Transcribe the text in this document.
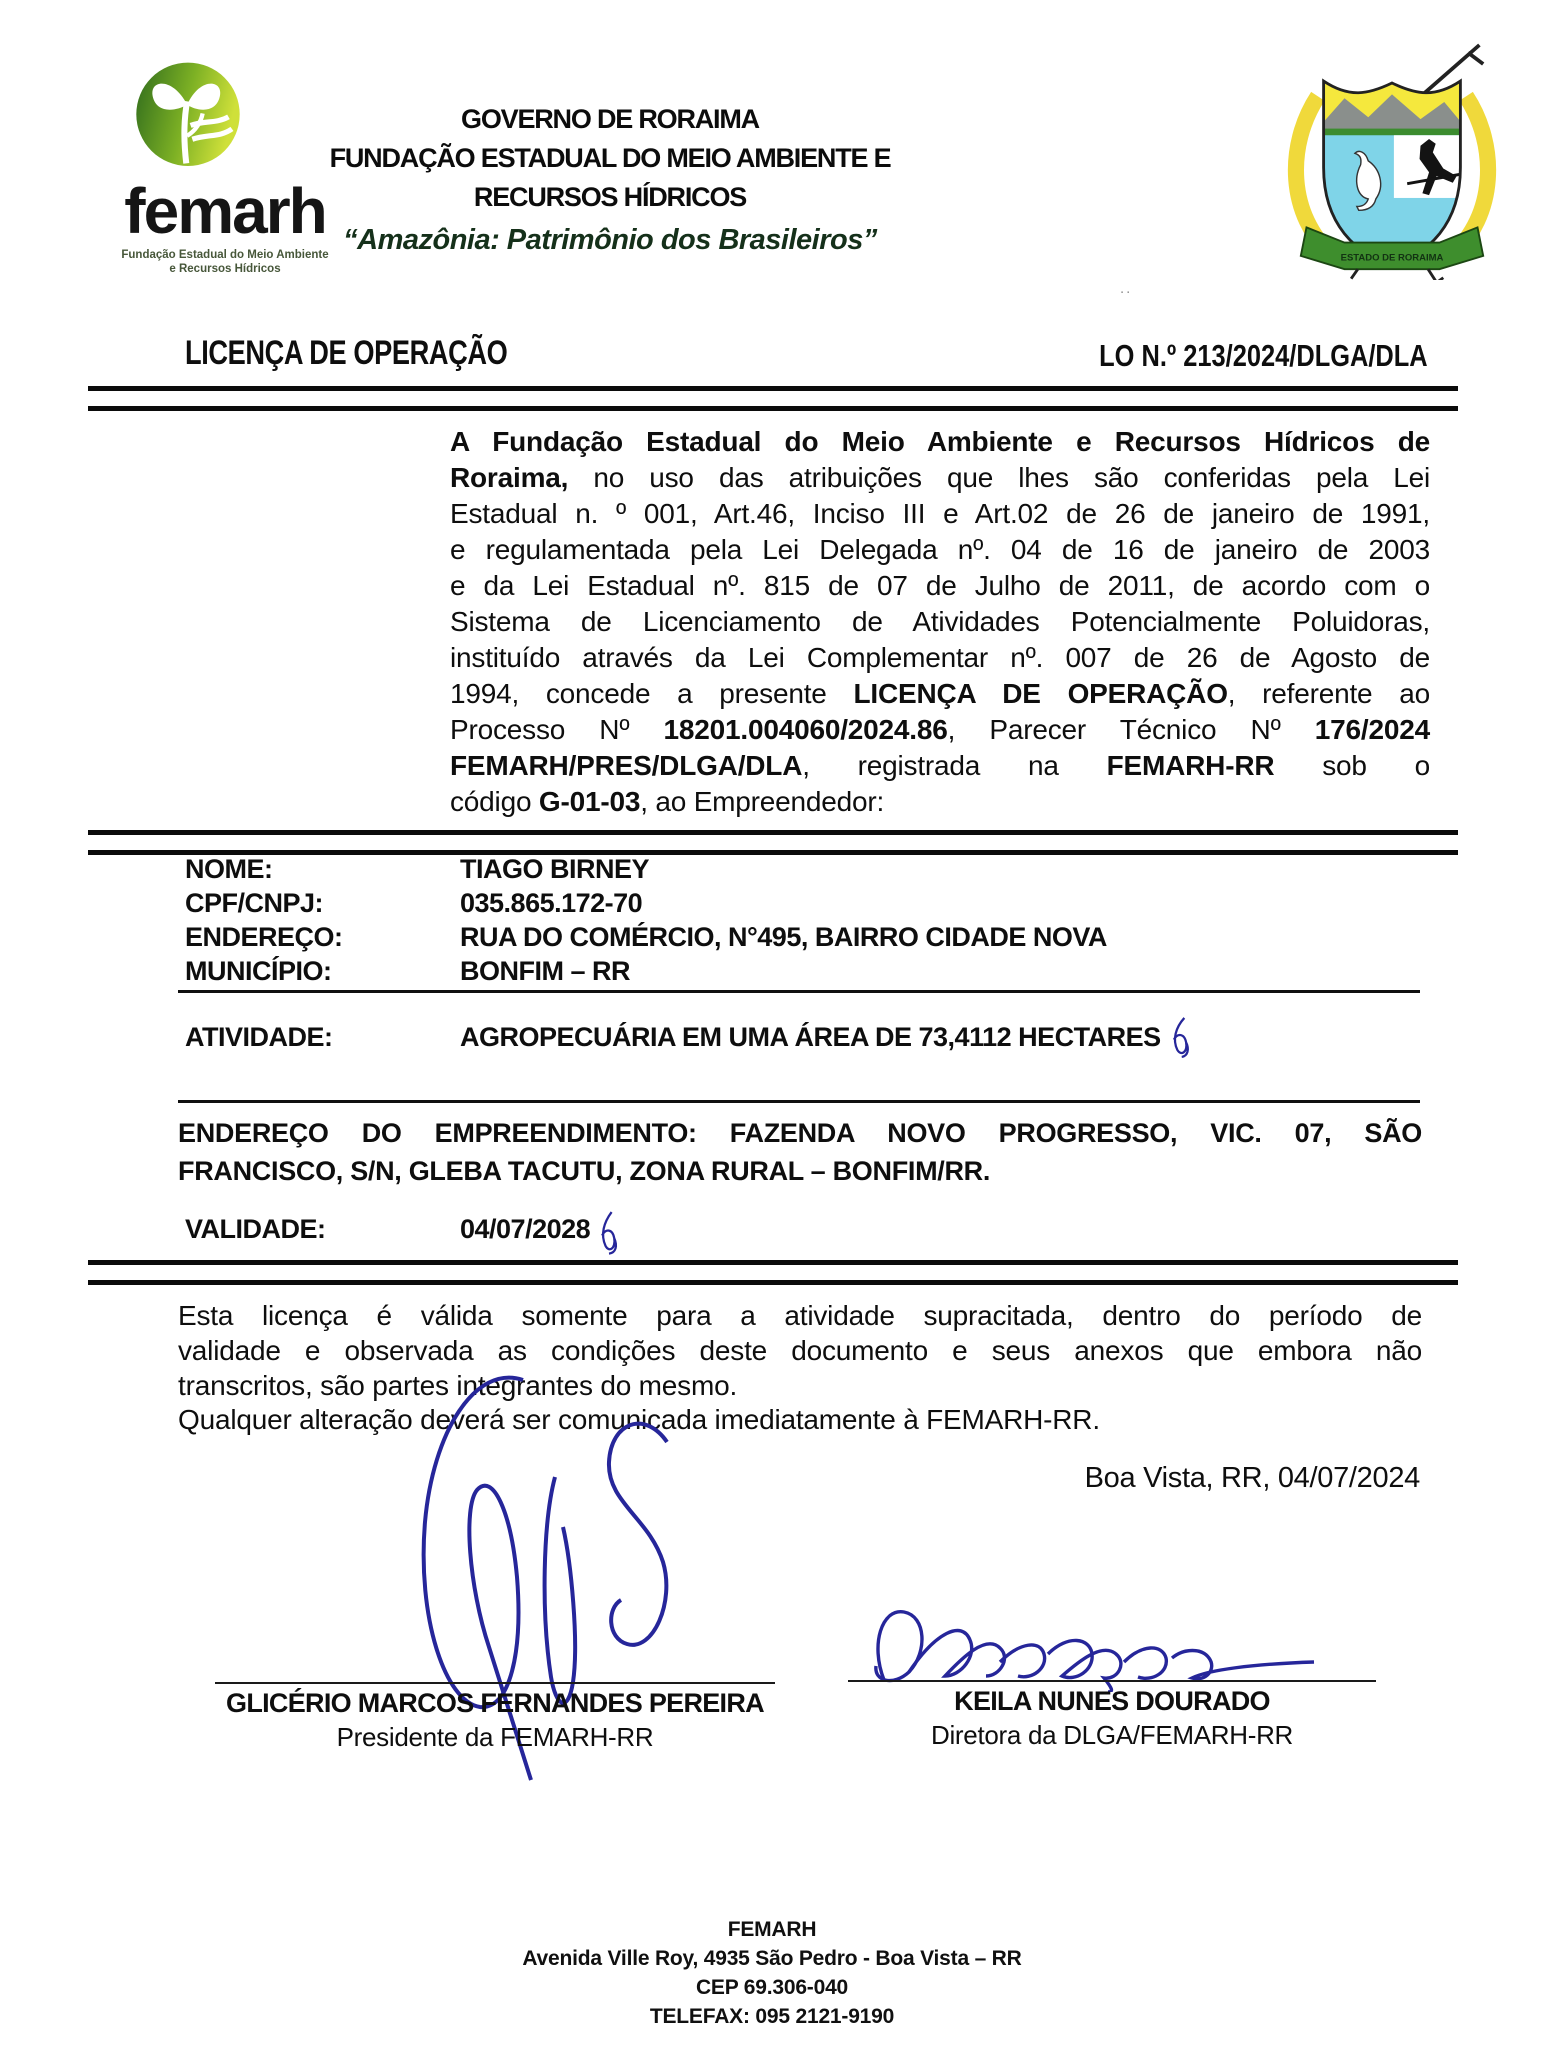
femarh
Fundação Estadual do Meio Ambiente
e Recursos Hídricos
GOVERNO DE RORAIMA
FUNDAÇÃO ESTADUAL DO MEIO AMBIENTE E
RECURSOS HÍDRICOS
“Amazônia: Patrimônio dos Brasileiros”
ESTADO DE RORAIMA
..
LICENÇA DE OPERAÇÃO	LO N.º 213/2024/DLGA/DLA
A Fundação Estadual do Meio Ambiente e Recursos Hídricos de
Roraima, no uso das atribuições que lhes são conferidas pela Lei
Estadual n. º 001, Art.46, Inciso III e Art.02 de 26 de janeiro de 1991,
e regulamentada pela Lei Delegada nº. 04 de 16 de janeiro de 2003
e da Lei Estadual nº. 815 de 07 de Julho de 2011, de acordo com o
Sistema de Licenciamento de Atividades Potencialmente Poluidoras,
instituído através da Lei Complementar nº. 007 de 26 de Agosto de
1994, concede a presente LICENÇA DE OPERAÇÃO, referente ao
Processo Nº 18201.004060/2024.86, Parecer Técnico Nº 176/2024
FEMARH/PRES/DLGA/DLA, registrada na FEMARH-RR sob o
código G-01-03, ao Empreendedor:
NOME:	TIAGO BIRNEY
CPF/CNPJ:	035.865.172-70
ENDEREÇO:	RUA DO COMÉRCIO, N°495, BAIRRO CIDADE NOVA
MUNICÍPIO:	BONFIM – RR
ATIVIDADE:	AGROPECUÁRIA EM UMA ÁREA DE 73,4112 HECTARES
ENDEREÇO DO EMPREENDIMENTO: FAZENDA NOVO PROGRESSO, VIC. 07, SÃO
FRANCISCO, S/N, GLEBA TACUTU, ZONA RURAL – BONFIM/RR.
VALIDADE:	04/07/2028
Esta licença é válida somente para a atividade supracitada, dentro do período de
validade e observada as condições deste documento e seus anexos que embora não
transcritos, são partes integrantes do mesmo.
Qualquer alteração deverá ser comunicada imediatamente à FEMARH-RR.
Boa Vista, RR, 04/07/2024
GLICÉRIO MARCOS FERNANDES PEREIRA
Presidente da FEMARH-RR
KEILA NUNES DOURADO
Diretora da DLGA/FEMARH-RR
FEMARH
Avenida Ville Roy, 4935 São Pedro - Boa Vista – RR
CEP 69.306-040
TELEFAX: 095 2121-9190
